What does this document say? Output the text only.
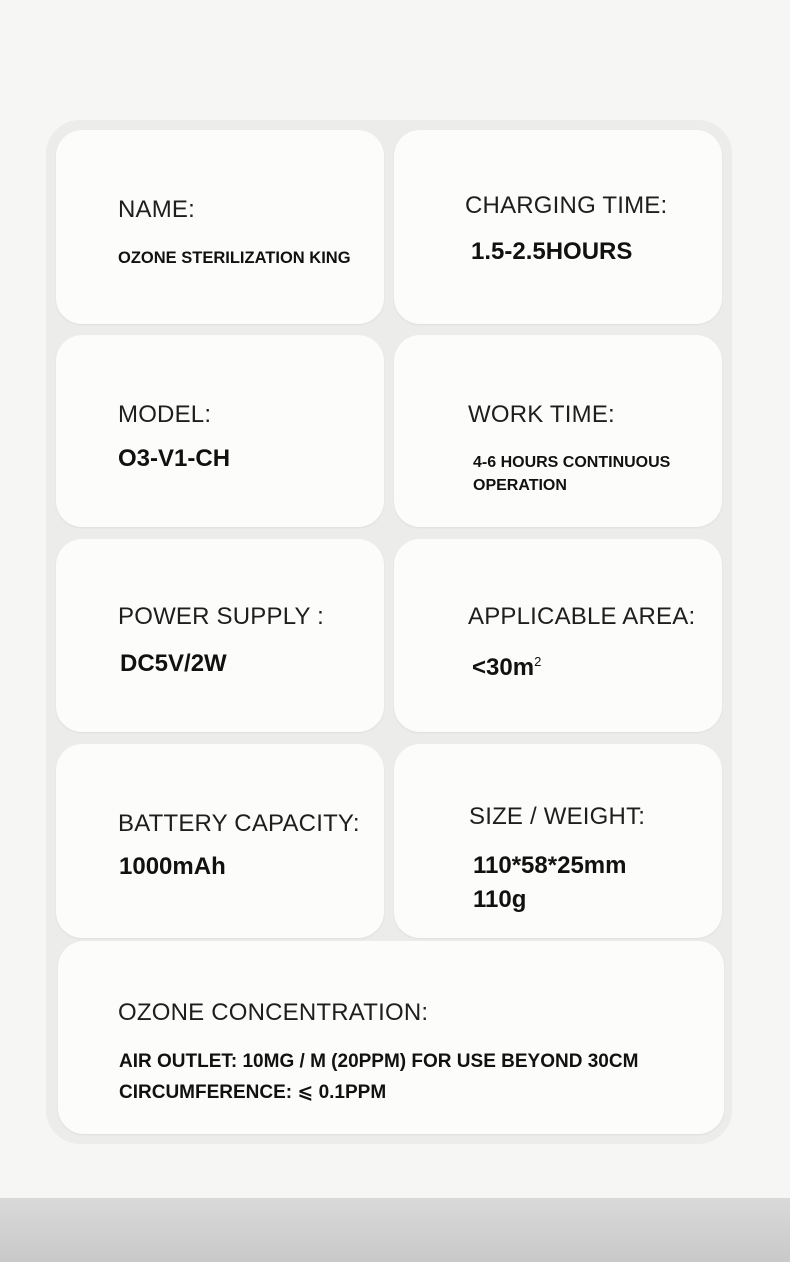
NAME:
OZONE STERILIZATION KING
CHARGING TIME:
1.5-2.5HOURS
MODEL:
O3-V1-CH
WORK TIME:
4-6 HOURS CONTINUOUS
OPERATION
POWER SUPPLY :
DC5V/2W
APPLICABLE AREA:
$<30m^2$
BATTERY CAPACITY:
1000mAh
SIZE / WEIGHT:
110*58*25mm
110g
OZONE CONCENTRATION:
AIR OUTLET: 10MG / M (20PPM) FOR USE BEYOND 30CM
CIRCUMFERENCE: ⩽ 0.1PPM
